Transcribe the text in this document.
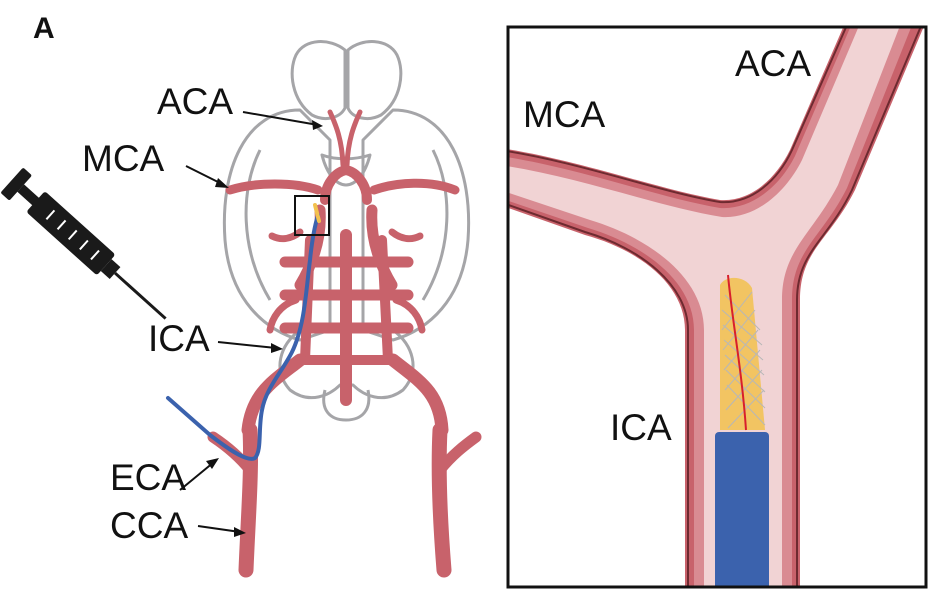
A
ACA
MCA
ICA
ECA
CCA
ACA
MCA
ICA
